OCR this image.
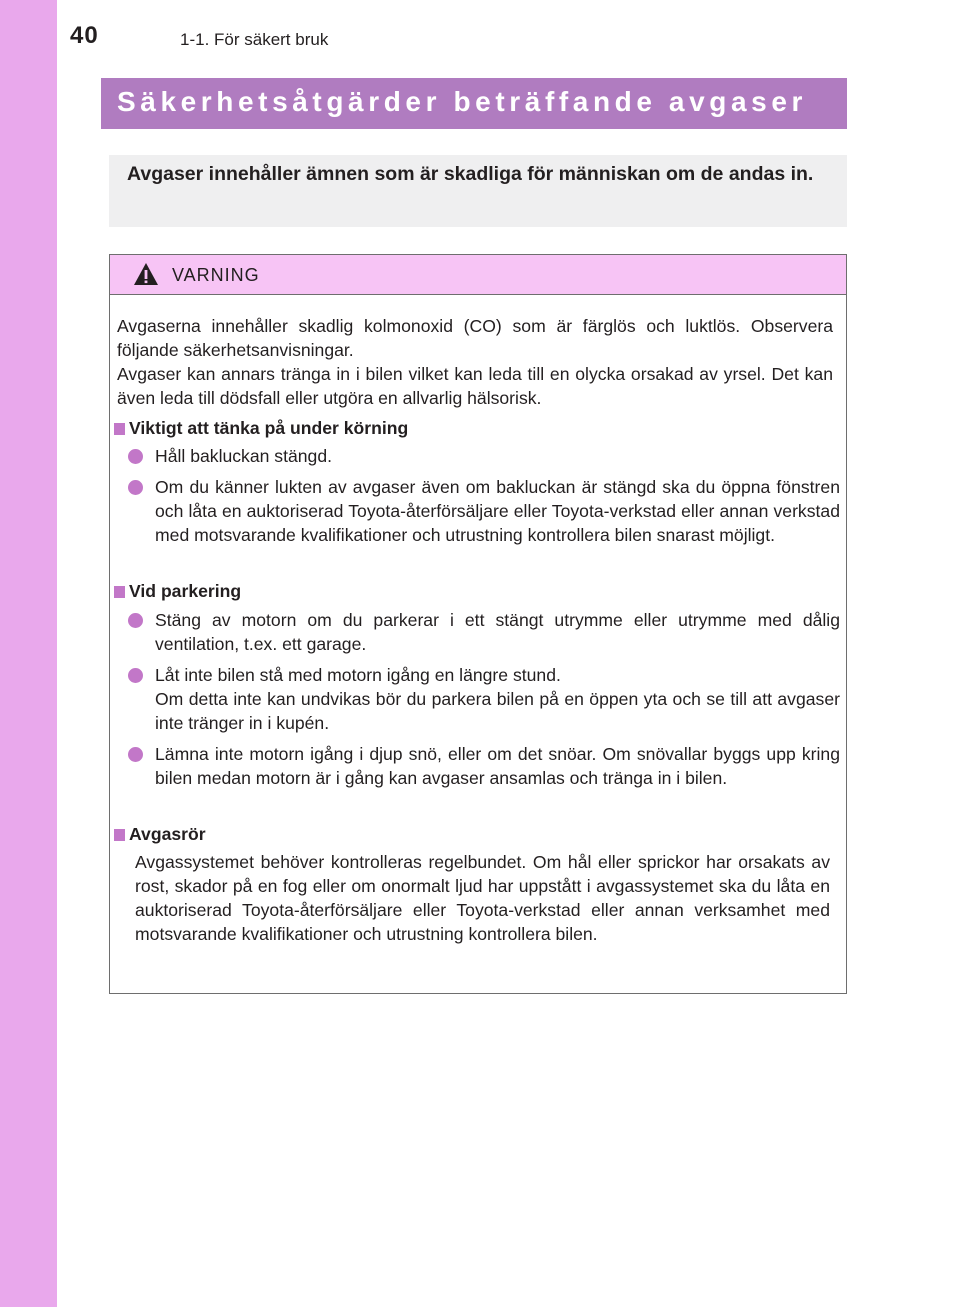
40	1-1. För säkert bruk
Säkerhetsåtgärder beträffande avgaser
Avgaser innehåller ämnen som är skadliga för människan om de andas in.
VARNING
Avgaserna innehåller skadlig kolmonoxid (CO) som är färglös och luktlös. Observera följande säkerhetsanvisningar.
Avgaser kan annars tränga in i bilen vilket kan leda till en olycka orsakad av yrsel. Det kan även leda till dödsfall eller utgöra en allvarlig hälsorisk.
Viktigt att tänka på under körning
Håll bakluckan stängd.
Om du känner lukten av avgaser även om bakluckan är stängd ska du öppna fönstren och låta en auktoriserad Toyota-återförsäljare eller Toyota-verkstad eller annan verkstad med motsvarande kvalifikationer och utrustning kontrollera bilen snarast möjligt.
Vid parkering
Stäng av motorn om du parkerar i ett stängt utrymme eller utrymme med dålig ventilation, t.ex. ett garage.
Låt inte bilen stå med motorn igång en längre stund.
Om detta inte kan undvikas bör du parkera bilen på en öppen yta och se till att avgaser inte tränger in i kupén.
Lämna inte motorn igång i djup snö, eller om det snöar. Om snövallar byggs upp kring bilen medan motorn är i gång kan avgaser ansamlas och tränga in i bilen.
Avgasrör
Avgassystemet behöver kontrolleras regelbundet. Om hål eller sprickor har orsakats av rost, skador på en fog eller om onormalt ljud har uppstått i avgassystemet ska du låta en auktoriserad Toyota-återförsäljare eller Toyota-verkstad eller annan verksamhet med motsvarande kvalifikationer och utrustning kontrollera bilen.
